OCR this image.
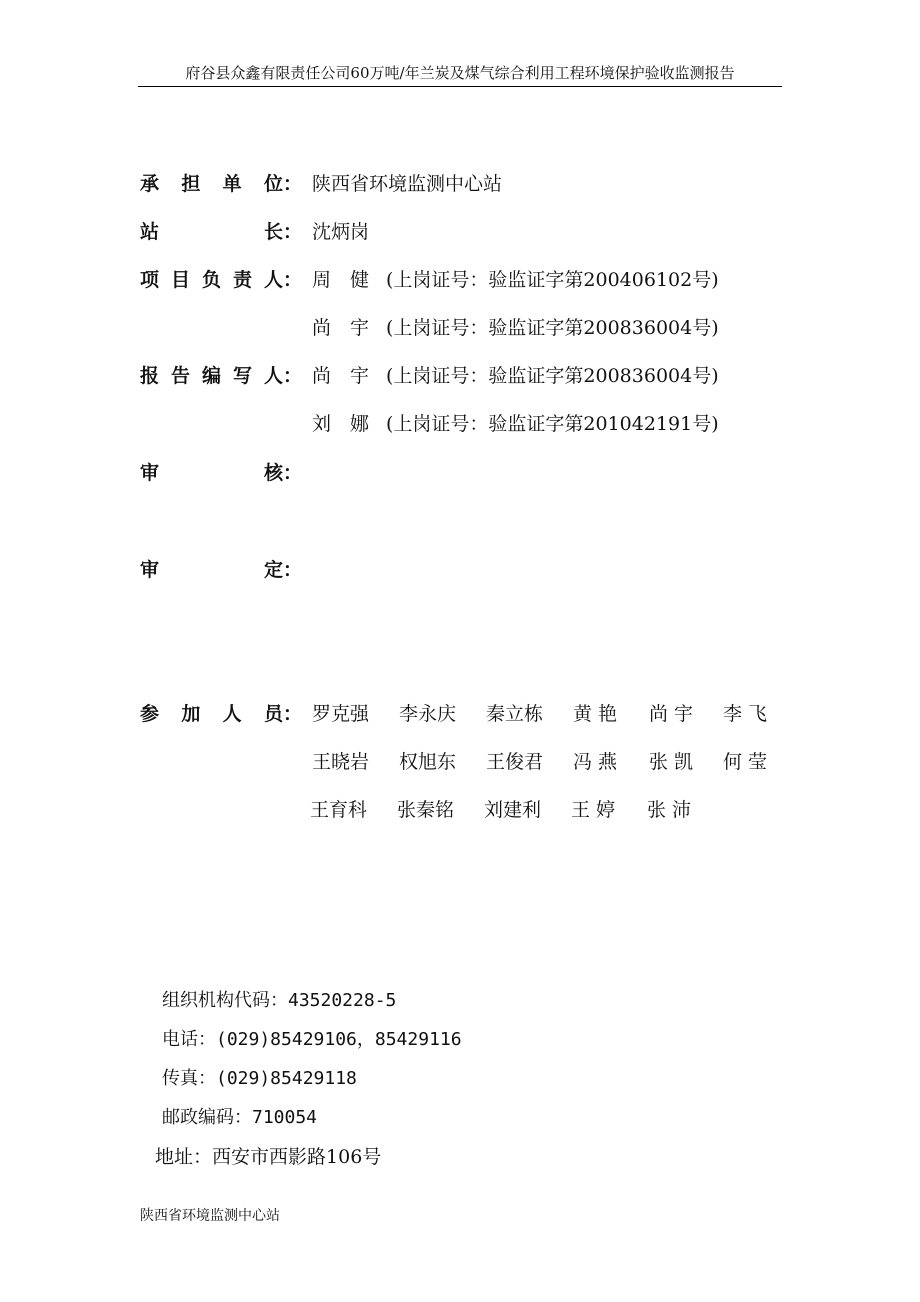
府谷县众鑫有限责任公司60万吨/年兰炭及煤气综合利用工程环境保护验收监测报告
承 担 单 位： 陕西省环境监测中心站
站	长： 沈炳岗
项 目 负 责 人： 周　健 (上岗证号：验监证字第200406102号)
尚　宇 (上岗证号：验监证字第200836004号)
报 告 编 写 人： 尚　宇 (上岗证号：验监证字第200836004号)
刘　娜 (上岗证号：验监证字第201042191号)
审	核：
审	定：
参 加 人 员： 罗克强 李永庆 秦立栋 黄 艳 尚 宇 李 飞
王晓岩 权旭东 王俊君 冯 燕 张 凯 何 莹
王育科 张秦铭 刘建利 王 婷 张 沛
组织机构代码：43520228-5
电话：(029)85429106，85429116
传真：(029)85429118
邮政编码：710054
地址：西安市西影路106号
陕西省环境监测中心站
